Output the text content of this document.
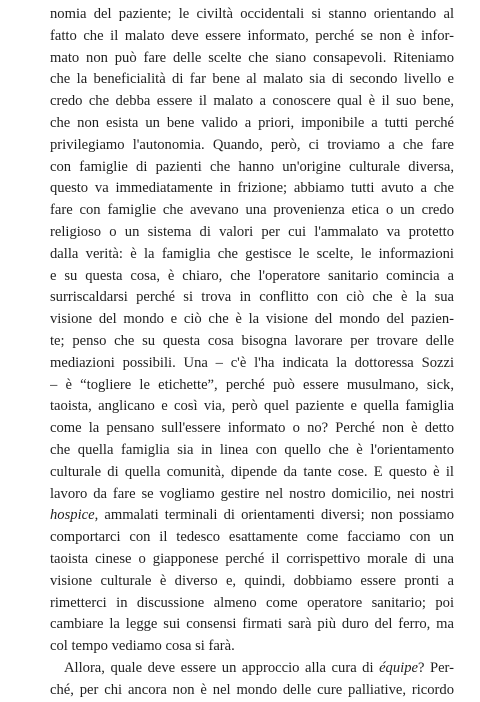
nomia del paziente; le civiltà occidentali si stanno orientando al
fatto che il malato deve essere informato, perché se non è infor-
mato non può fare delle scelte che siano consapevoli. Riteniamo
che la beneficialità di far bene al malato sia di secondo livello e
credo che debba essere il malato a conoscere qual è il suo bene,
che non esista un bene valido a priori, imponibile a tutti perché
privilegiamo l'autonomia. Quando, però, ci troviamo a che fare
con famiglie di pazienti che hanno un'origine culturale diversa,
questo va immediatamente in frizione; abbiamo tutti avuto a che
fare con famiglie che avevano una provenienza etica o un credo
religioso o un sistema di valori per cui l'ammalato va protetto
dalla verità: è la famiglia che gestisce le scelte, le informazioni
e su questa cosa, è chiaro, che l'operatore sanitario comincia a
surriscaldarsi perché si trova in conflitto con ciò che è la sua
visione del mondo e ciò che è la visione del mondo del pazien-
te; penso che su questa cosa bisogna lavorare per trovare delle
mediazioni possibili. Una – c'è l'ha indicata la dottoressa Sozzi
– è “togliere le etichette”, perché può essere musulmano, sick,
taoista, anglicano e così via, però quel paziente e quella famiglia
come la pensano sull'essere informato o no? Perché non è detto
che quella famiglia sia in linea con quello che è l'orientamento
culturale di quella comunità, dipende da tante cose. E questo è il
lavoro da fare se vogliamo gestire nel nostro domicilio, nei nostri
hospice, ammalati terminali di orientamenti diversi; non possiamo
comportarci con il tedesco esattamente come facciamo con un
taoista cinese o giapponese perché il corrispettivo morale di una
visione culturale è diverso e, quindi, dobbiamo essere pronti a
rimetterci in discussione almeno come operatore sanitario; poi
cambiare la legge sui consensi firmati sarà più duro del ferro, ma
col tempo vediamo cosa si farà.
Allora, quale deve essere un approccio alla cura di équipe? Per-
ché, per chi ancora non è nel mondo delle cure palliative, ricordo
